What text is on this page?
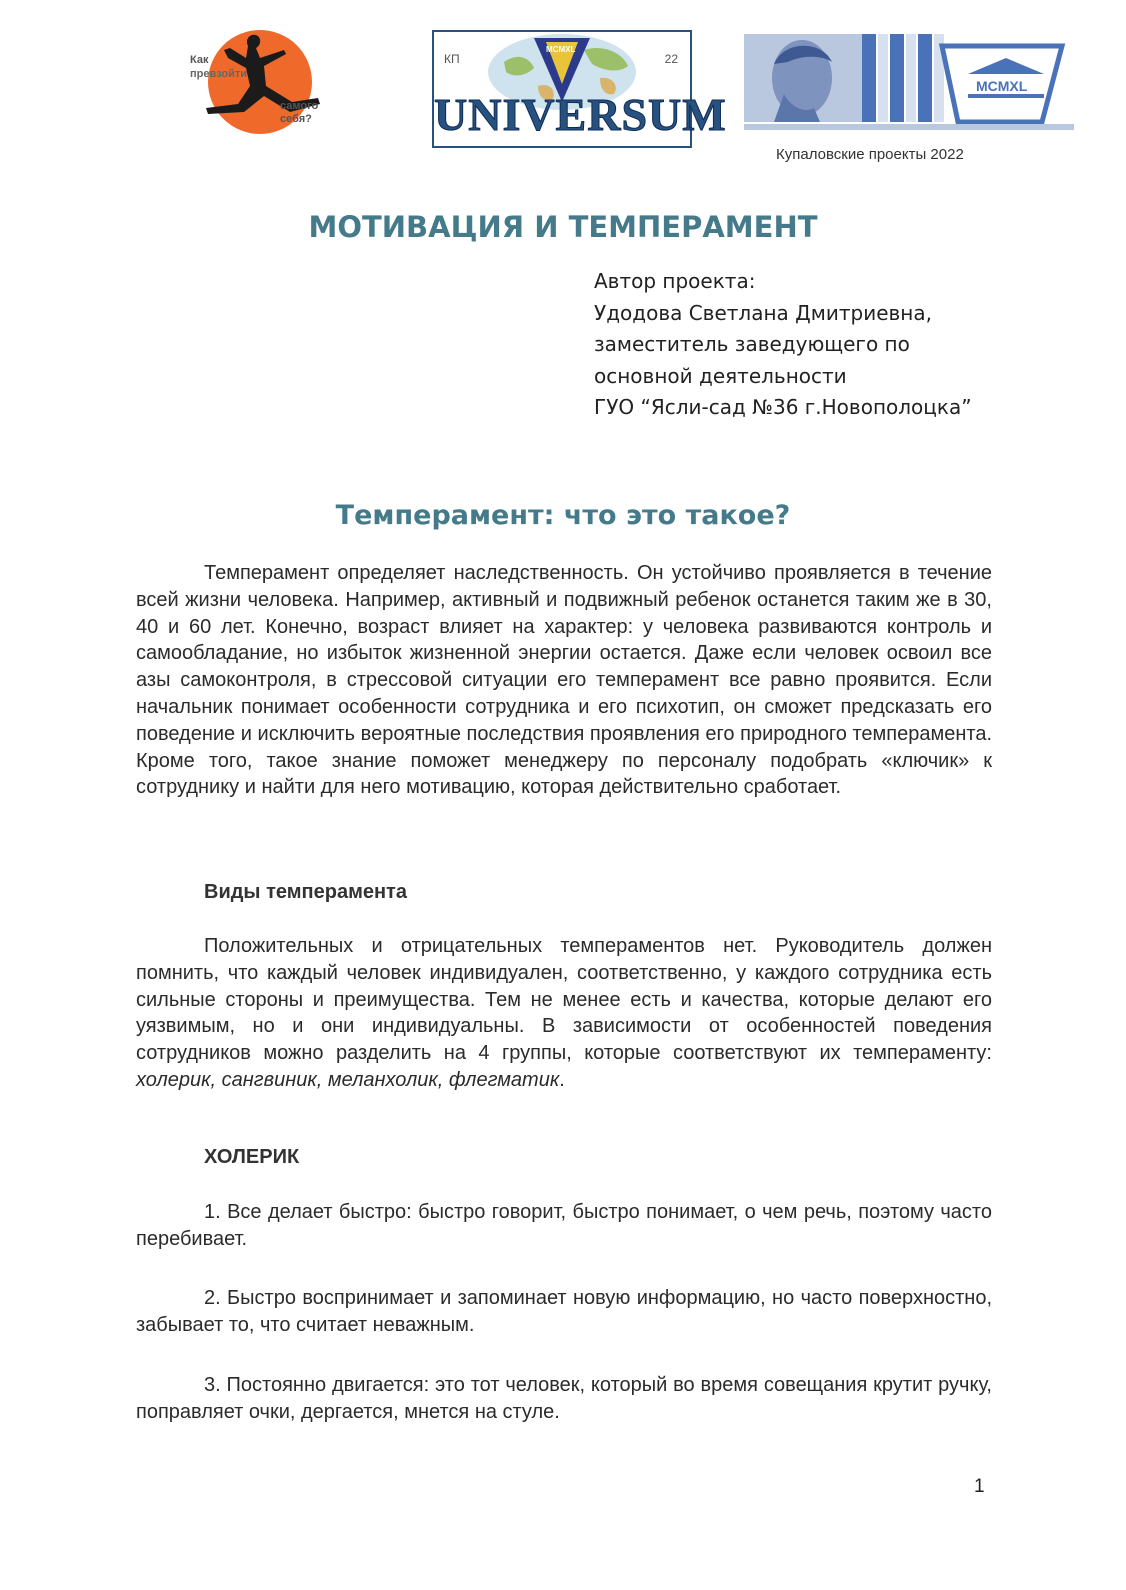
Как
превзойти
самого себя?
КП	22
MCMXL
UNIVERSUM
MCMXL
Купаловские проекты 2022
МОТИВАЦИЯ И ТЕМПЕРАМЕНТ
Автор проекта:
Удодова Светлана Дмитриевна,
заместитель заведующего по
основной деятельности
ГУО “Ясли-сад №36 г.Новополоцка”
Темперамент: что это такое?
Темперамент определяет наследственность. Он устойчиво проявляется в течение всей жизни человека. Например, активный и подвижный ребенок останется таким же в 30, 40 и 60 лет. Конечно, возраст влияет на характер: у человека развиваются контроль и самообладание, но избыток жизненной энергии остается. Даже если человек освоил все азы самоконтроля, в стрессовой ситуации его темперамент все равно проявится. Если начальник понимает особенности сотрудника и его психотип, он сможет предсказать его поведение и исключить вероятные последствия проявления его природного темперамента. Кроме того, такое знание поможет менеджеру по персоналу подобрать «ключик» к сотруднику и найти для него мотивацию, которая действительно сработает.
Виды темперамента
Положительных и отрицательных темпераментов нет. Руководитель должен помнить, что каждый человек индивидуален, соответственно, у каждого сотрудника есть сильные стороны и преимущества. Тем не менее есть и качества, которые делают его уязвимым, но и они индивидуальны. В зависимости от особенностей поведения сотрудников можно разделить на 4 группы, которые соответствуют их темпераменту: холерик, сангвиник, меланхолик, флегматик.
ХОЛЕРИК
1. Все делает быстро: быстро говорит, быстро понимает, о чем речь, поэтому часто перебивает.
2. Быстро воспринимает и запоминает новую информацию, но часто поверхностно, забывает то, что считает неважным.
3. Постоянно двигается: это тот человек, который во время совещания крутит ручку, поправляет очки, дергается, мнется на стуле.
1
